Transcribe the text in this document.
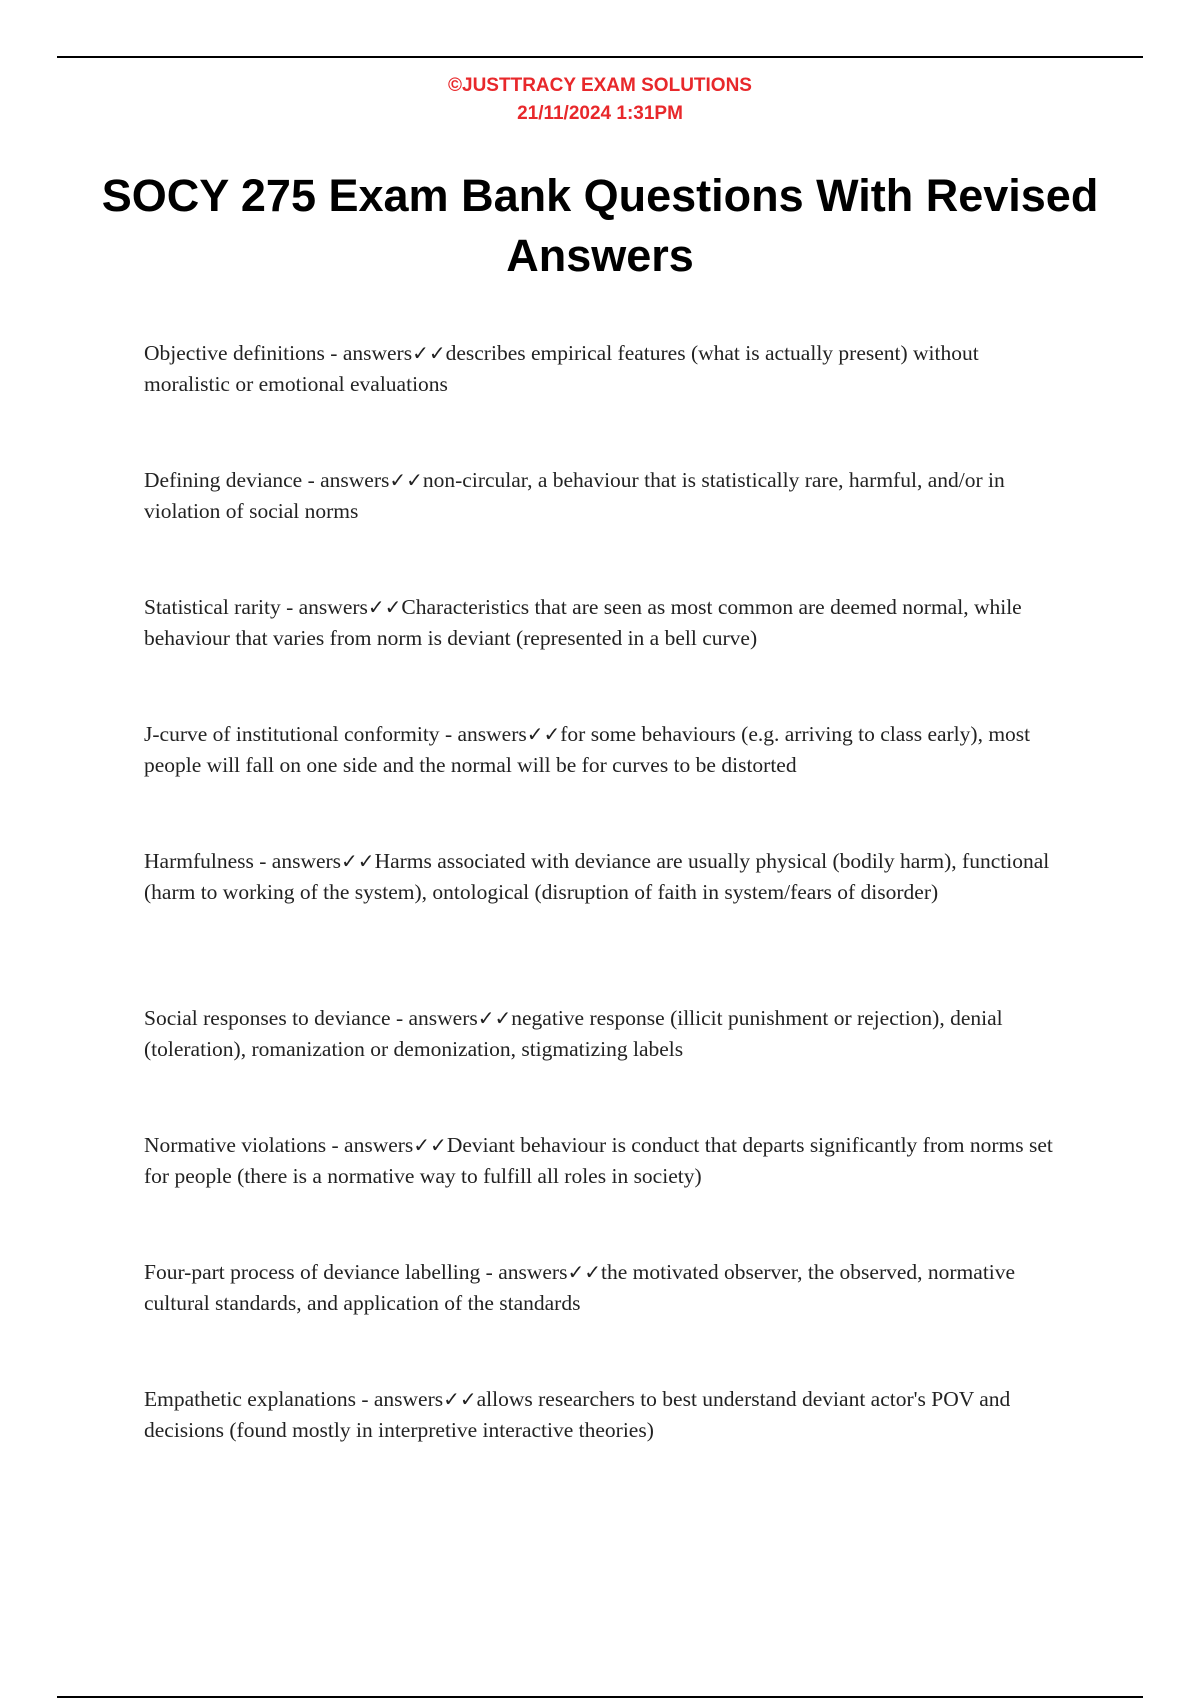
©JUSTTRACY EXAM SOLUTIONS
21/11/2024 1:31PM
SOCY 275 Exam Bank Questions With Revised Answers
Objective definitions - answers✓✓describes empirical features (what is actually present) without moralistic or emotional evaluations
Defining deviance - answers✓✓non-circular, a behaviour that is statistically rare, harmful, and/or in violation of social norms
Statistical rarity - answers✓✓Characteristics that are seen as most common are deemed normal, while behaviour that varies from norm is deviant (represented in a bell curve)
J-curve of institutional conformity - answers✓✓for some behaviours (e.g. arriving to class early), most people will fall on one side and the normal will be for curves to be distorted
Harmfulness - answers✓✓Harms associated with deviance are usually physical (bodily harm), functional (harm to working of the system), ontological (disruption of faith in system/fears of disorder)
Social responses to deviance - answers✓✓negative response (illicit punishment or rejection), denial (toleration), romanization or demonization, stigmatizing labels
Normative violations - answers✓✓Deviant behaviour is conduct that departs significantly from norms set for people (there is a normative way to fulfill all roles in society)
Four-part process of deviance labelling - answers✓✓the motivated observer, the observed, normative cultural standards, and application of the standards
Empathetic explanations - answers✓✓allows researchers to best understand deviant actor's POV and decisions (found mostly in interpretive interactive theories)
